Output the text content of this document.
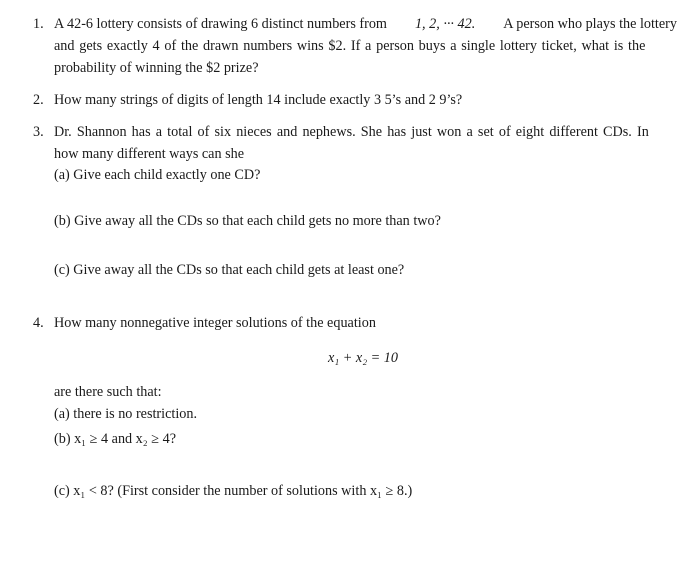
1. A 42-6 lottery consists of drawing 6 distinct numbers from 1, 2, ··· 42. A person who plays the lottery
and gets exactly 4 of the drawn numbers wins $2. If a person buys a single lottery ticket, what is the
probability of winning the $2 prize?
2. How many strings of digits of length 14 include exactly 3 5’s and 2 9’s?
3. Dr. Shannon has a total of six nieces and nephews. She has just won a set of eight different CDs. In
how many different ways can she
(a) Give each child exactly one CD?
(b) Give away all the CDs so that each child gets no more than two?
(c) Give away all the CDs so that each child gets at least one?
4. How many nonnegative integer solutions of the equation
x₁ + x₂ = 10
are there such that:
(a) there is no restriction.
(b) x₁ ≥ 4 and x₂ ≥ 4?
(c) x₁ < 8? (First consider the number of solutions with x₁ ≥ 8.)
